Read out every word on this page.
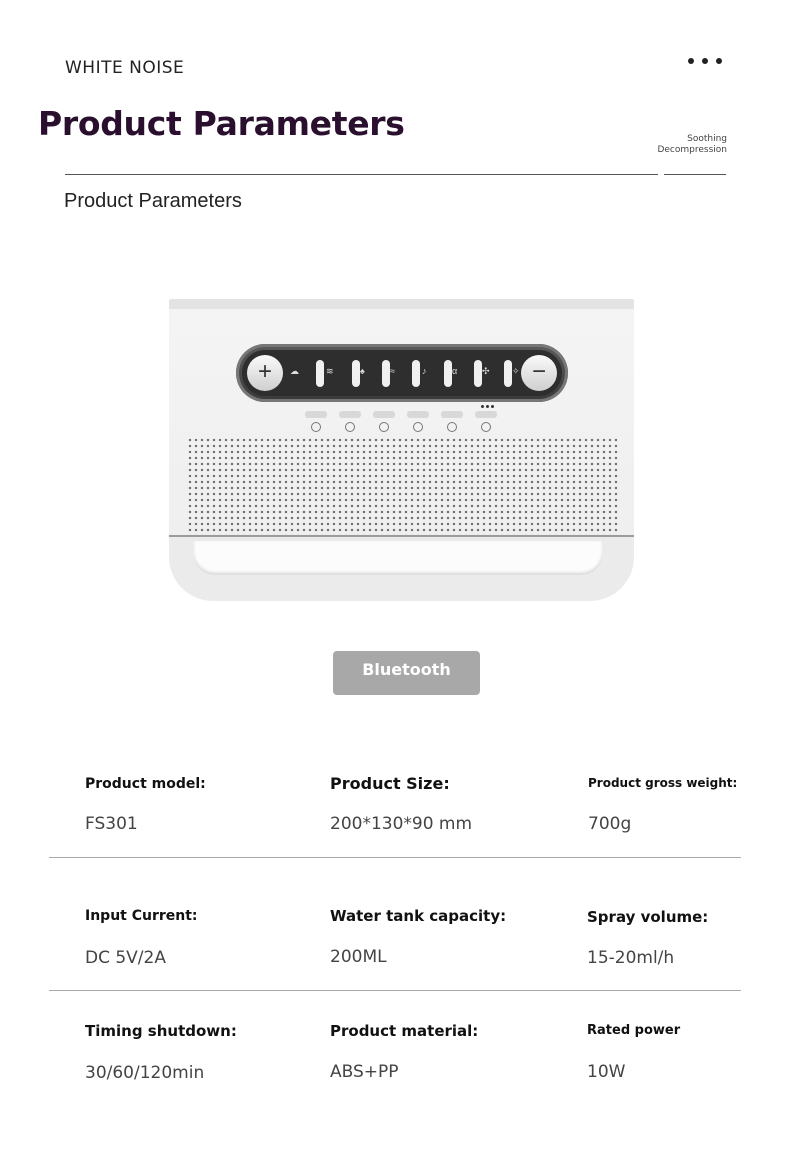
WHITE NOISE
Product Parameters	Soothing
Decompression
Product Parameters
+	☁	≋	♠	≈	♪	α	✣ ✧ −
Bluetooth Model
Product model:
FS301
Product Size:
200*130*90 mm
Product gross weight:
700g
Input Current:
DC 5V/2A
Water tank capacity:
200ML
Spray volume:
15-20ml/h
Timing shutdown:
30/60/120min
Product material:
ABS+PP
Rated power
10W
